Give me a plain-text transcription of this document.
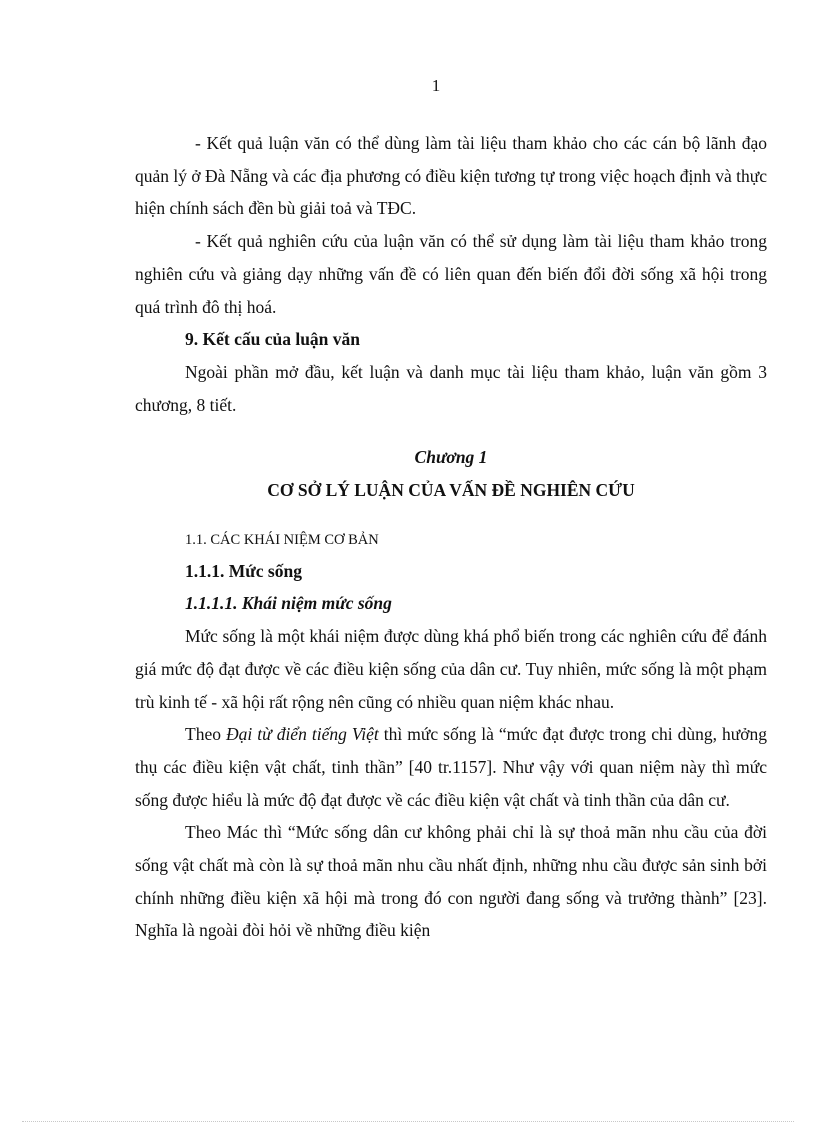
1

- Kết quả luận văn có thể dùng làm tài liệu tham khảo cho các cán bộ lãnh đạo quản lý ở Đà Nẵng và các địa phương có điều kiện tương tự trong việc hoạch định và thực hiện chính sách đền bù giải toả và TĐC.

- Kết quả nghiên cứu của luận văn có thể sử dụng làm tài liệu tham khảo trong nghiên cứu và giảng dạy những vấn đề có liên quan đến biến đổi đời sống xã hội trong quá trình đô thị hoá.

9. Kết cấu của luận văn

Ngoài phần mở đầu, kết luận và danh mục tài liệu tham khảo, luận văn gồm 3 chương, 8 tiết.

Chương 1

CƠ SỞ LÝ LUẬN CỦA VẤN ĐỀ NGHIÊN CỨU

1.1. CÁC KHÁI NIỆM CƠ BẢN

1.1.1. Mức sống

1.1.1.1. Khái niệm mức sống

Mức sống là một khái niệm được dùng khá phổ biến trong các nghiên cứu để đánh giá mức độ đạt được về các điều kiện sống của dân cư. Tuy nhiên, mức sống là một phạm trù kinh tế - xã hội rất rộng nên cũng có nhiều quan niệm khác nhau.

Theo Đại từ điển tiếng Việt thì mức sống là “mức đạt được trong chi dùng, hưởng thụ các điều kiện vật chất, tinh thần” [40 tr.1157]. Như vậy với quan niệm này thì mức sống được hiểu là mức độ đạt được về các điều kiện vật chất và tinh thần của dân cư.

Theo Mác thì “Mức sống dân cư không phải chỉ là sự thoả mãn nhu cầu của đời sống vật chất mà còn là sự thoả mãn nhu cầu nhất định, những nhu cầu được sản sinh bởi chính những điều kiện xã hội mà trong đó con người đang sống và trưởng thành” [23]. Nghĩa là ngoài đòi hỏi về những điều kiện
